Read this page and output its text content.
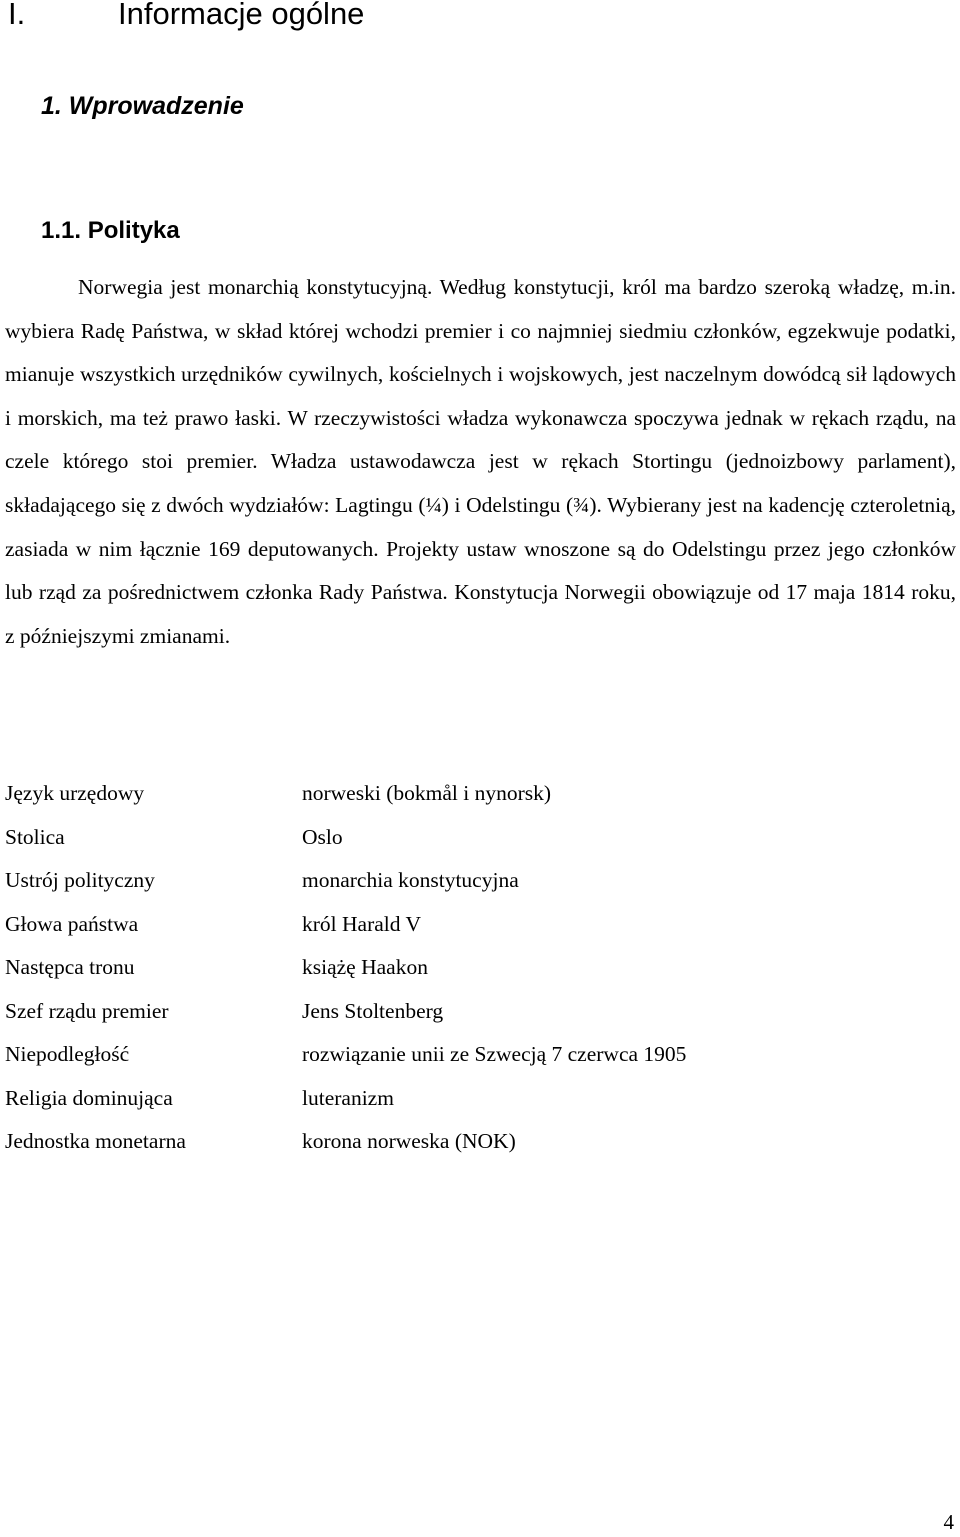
I.	Informacje ogólne
1. Wprowadzenie
1.1. Polityka

Norwegia jest monarchią konstytucyjną. Według konstytucji, król ma bardzo szeroką władzę, m.in. wybiera Radę Państwa, w skład której wchodzi premier i co najmniej siedmiu członków, egzekwuje podatki, mianuje wszystkich urzędników cywilnych, kościelnych i wojskowych, jest naczelnym dowódcą sił lądowych i morskich, ma też prawo łaski. W rzeczywistości władza wykonawcza spoczywa jednak w rękach rządu, na czele którego stoi premier. Władza ustawodawcza jest w rękach Stortingu (jednoizbowy parlament), składającego się z dwóch wydziałów: Lagtingu (¼) i Odelstingu (¾). Wybierany jest na kadencję czteroletnią, zasiada w nim łącznie 169 deputowanych. Projekty ustaw wnoszone są do Odelstingu przez jego członków lub rząd za pośrednictwem członka Rady Państwa. Konstytucja Norwegii obowiązuje od 17 maja 1814 roku, z późniejszymi zmianami.

Język urzędowy	norweski (bokmål i nynorsk)
Stolica	Oslo
Ustrój polityczny	monarchia konstytucyjna
Głowa państwa	król Harald V
Następca tronu	książę Haakon
Szef rządu premier	Jens Stoltenberg
Niepodległość	rozwiązanie unii ze Szwecją 7 czerwca 1905
Religia dominująca	luteranizm
Jednostka monetarna	korona norweska (NOK)
4
